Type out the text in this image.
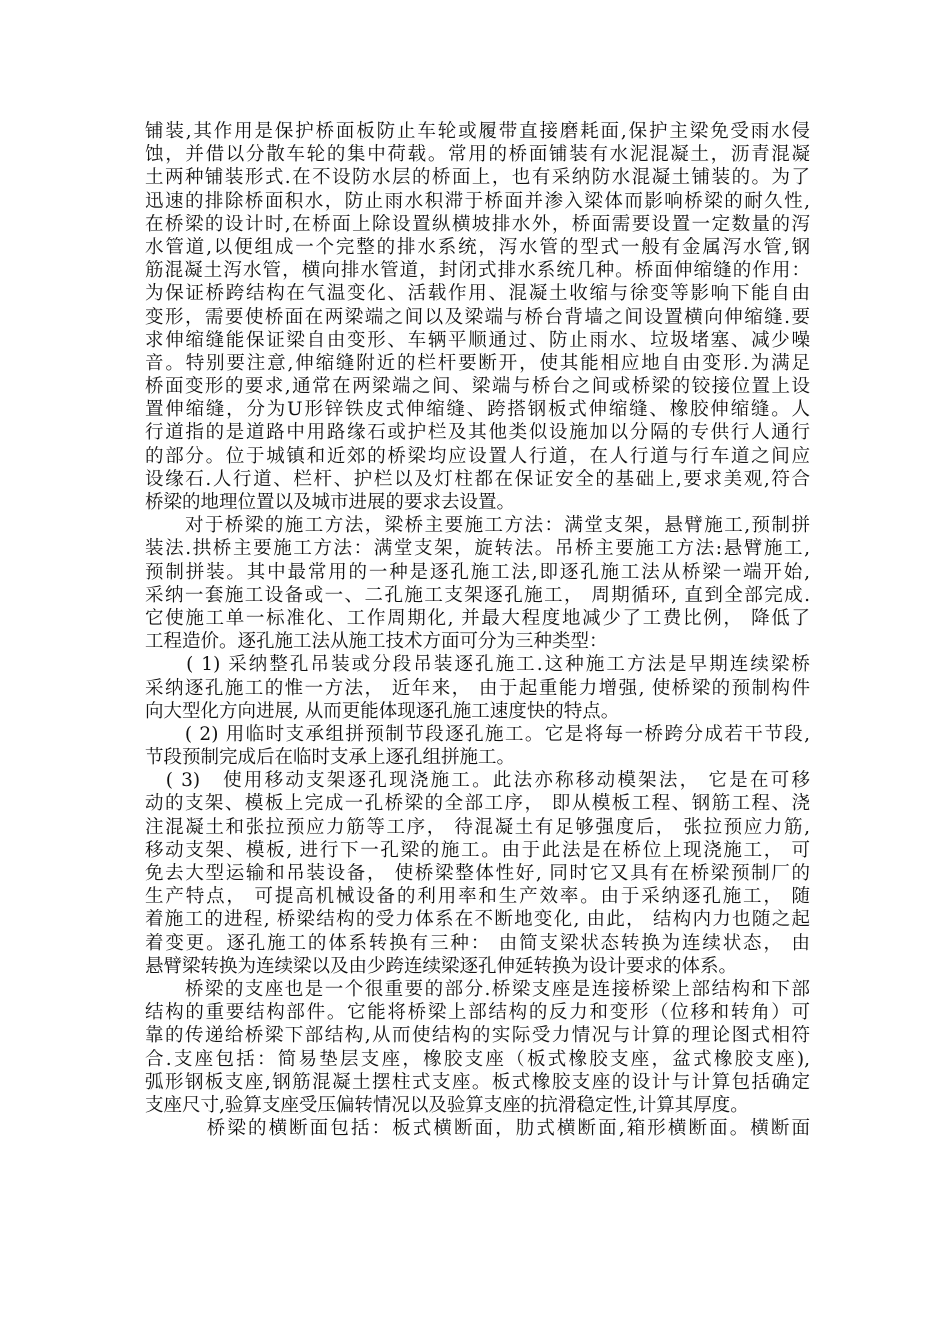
铺装,其作用是保护桥面板防止车轮或履带直接磨耗面,保护主梁免受雨水侵
蚀，并借以分散车轮的集中荷载。常用的桥面铺装有水泥混凝土，沥青混凝
土两种铺装形式.在不设防水层的桥面上，也有采纳防水混凝土铺装的。为了
迅速的排除桥面积水，防止雨水积滞于桥面并渗入梁体而影响桥梁的耐久性,
在桥梁的设计时,在桥面上除设置纵横坡排水外，桥面需要设置一定数量的泻
水管道,以便组成一个完整的排水系统，泻水管的型式一般有金属泻水管,钢
筋混凝土泻水管，横向排水管道，封闭式排水系统几种。桥面伸缩缝的作用：
为保证桥跨结构在气温变化、活载作用、混凝土收缩与徐变等影响下能自由
变形，需要使桥面在两梁端之间以及梁端与桥台背墙之间设置横向伸缩缝.要
求伸缩缝能保证梁自由变形、车辆平顺通过、防止雨水、垃圾堵塞、减少噪
音。特别要注意,伸缩缝附近的栏杆要断开，使其能相应地自由变形.为满足
桥面变形的要求,通常在两梁端之间、梁端与桥台之间或桥梁的铰接位置上设
置伸缩缝，分为U形锌铁皮式伸缩缝、跨搭钢板式伸缩缝、橡胶伸缩缝。人
行道指的是道路中用路缘石或护栏及其他类似设施加以分隔的专供行人通行
的部分。位于城镇和近郊的桥梁均应设置人行道，在人行道与行车道之间应
设缘石.人行道、栏杆、护栏以及灯柱都在保证安全的基础上,要求美观,符合
桥梁的地理位置以及城市进展的要求去设置。
　　对于桥梁的施工方法，梁桥主要施工方法：满堂支架，悬臂施工,预制拼
装法.拱桥主要施工方法：满堂支架，旋转法。吊桥主要施工方法:悬臂施工,
预制拼装。其中最常用的一种是逐孔施工法,即逐孔施工法从桥梁一端开始,
采纳一套施工设备或一、二孔施工支架逐孔施工， 周期循环, 直到全部完成.
它使施工单一标准化、工作周期化, 并最大程度地减少了工费比例， 降低了
工程造价。逐孔施工法从施工技术方面可分为三种类型：
　　( 1) 采纳整孔吊装或分段吊装逐孔施工.这种施工方法是早期连续梁桥
采纳逐孔施工的惟一方法， 近年来， 由于起重能力增强, 使桥梁的预制构件
向大型化方向进展, 从而更能体现逐孔施工速度快的特点。
　　( 2) 用临时支承组拼预制节段逐孔施工。它是将每一桥跨分成若干节段,
节段预制完成后在临时支承上逐孔组拼施工。
　( 3)　使用移动支架逐孔现浇施工。此法亦称移动模架法， 它是在可移
动的支架、模板上完成一孔桥梁的全部工序， 即从模板工程、钢筋工程、浇
注混凝土和张拉预应力筋等工序， 待混凝土有足够强度后， 张拉预应力筋,
移动支架、模板, 进行下一孔梁的施工。由于此法是在桥位上现浇施工， 可
免去大型运输和吊装设备， 使桥梁整体性好, 同时它又具有在桥梁预制厂的
生产特点， 可提高机械设备的利用率和生产效率。由于采纳逐孔施工， 随
着施工的进程, 桥梁结构的受力体系在不断地变化, 由此， 结构内力也随之起
着变更。逐孔施工的体系转换有三种： 由简支梁状态转换为连续状态， 由
悬臂梁转换为连续梁以及由少跨连续梁逐孔伸延转换为设计要求的体系。
　　桥梁的支座也是一个很重要的部分.桥梁支座是连接桥梁上部结构和下部
结构的重要结构部件。它能将桥梁上部结构的反力和变形（位移和转角）可
靠的传递给桥梁下部结构,从而使结构的实际受力情况与计算的理论图式相符
合.支座包括：简易垫层支座，橡胶支座（板式橡胶支座，盆式橡胶支座),
弧形钢板支座,钢筋混凝土摆柱式支座。板式橡胶支座的设计与计算包括确定
支座尺寸,验算支座受压偏转情况以及验算支座的抗滑稳定性,计算其厚度。
　　　桥梁的横断面包括：板式横断面，肋式横断面,箱形横断面。横断面
